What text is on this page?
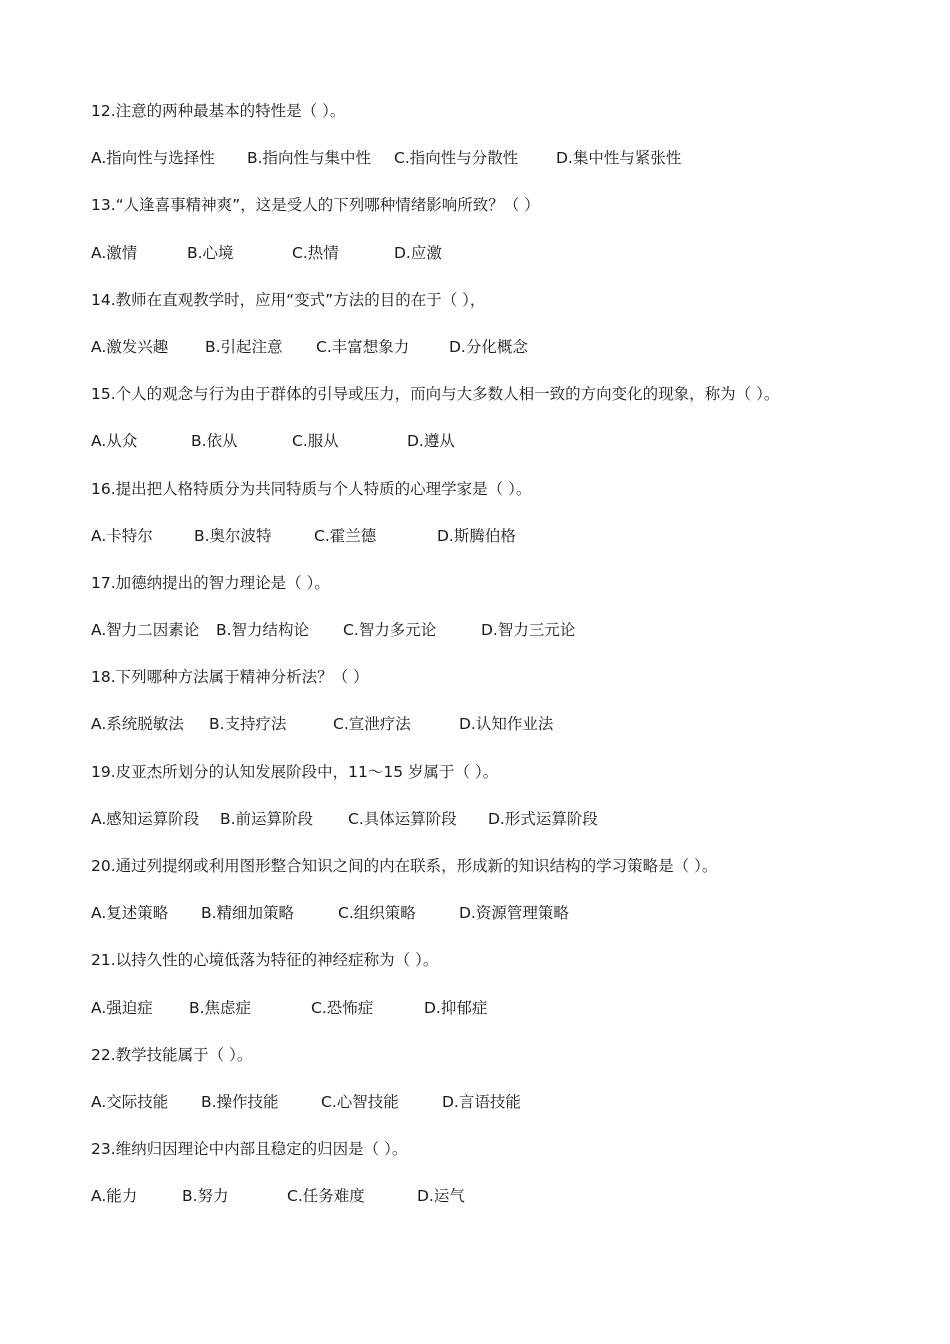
12.注意的两种最基本的特性是（ ）。
A.指向性与选择性 B.指向性与集中性 C.指向性与分散性 D.集中性与紧张性
13.“人逢喜事精神爽”，这是受人的下列哪种情绪影响所致？（ ）
A.激情	B.心境	C.热情	D.应激
14.教师在直观教学时，应用“变式”方法的目的在于（ ），
A.激发兴趣 B.引起注意 C.丰富想象力	D.分化概念
15.个人的观念与行为由于群体的引导或压力，而向与大多数人相一致的方向变化的现象，称为（ ）。
A.从众	B.依从	C.服从	D.遵从
16.提出把人格特质分为共同特质与个人特质的心理学家是（ ）。
A.卡特尔	B.奥尔波特	C.霍兰德	D.斯腾伯格
17.加德纳提出的智力理论是（ ）。
A.智力二因素论 B.智力结构论 C.智力多元论	D.智力三元论
18.下列哪种方法属于精神分析法？（ ）
A.系统脱敏法 B.支持疗法	C.宣泄疗法	D.认知作业法
19.皮亚杰所划分的认知发展阶段中，11～15 岁属于（ ）。
A.感知运算阶段 B.前运算阶段 C.具体运算阶段 D.形式运算阶段
20.通过列提纲或利用图形整合知识之间的内在联系，形成新的知识结构的学习策略是（ ）。
A.复述策略 B.精细加策略	C.组织策略	D.资源管理策略
21.以持久性的心境低落为特征的神经症称为（ ）。
A.强迫症 B.焦虑症	C.恐怖症	D.抑郁症
22.教学技能属于（ ）。
A.交际技能 B.操作技能	C.心智技能	D.言语技能
23.维纳归因理论中内部且稳定的归因是（ ）。
A.能力	B.努力	C.任务难度	D.运气
